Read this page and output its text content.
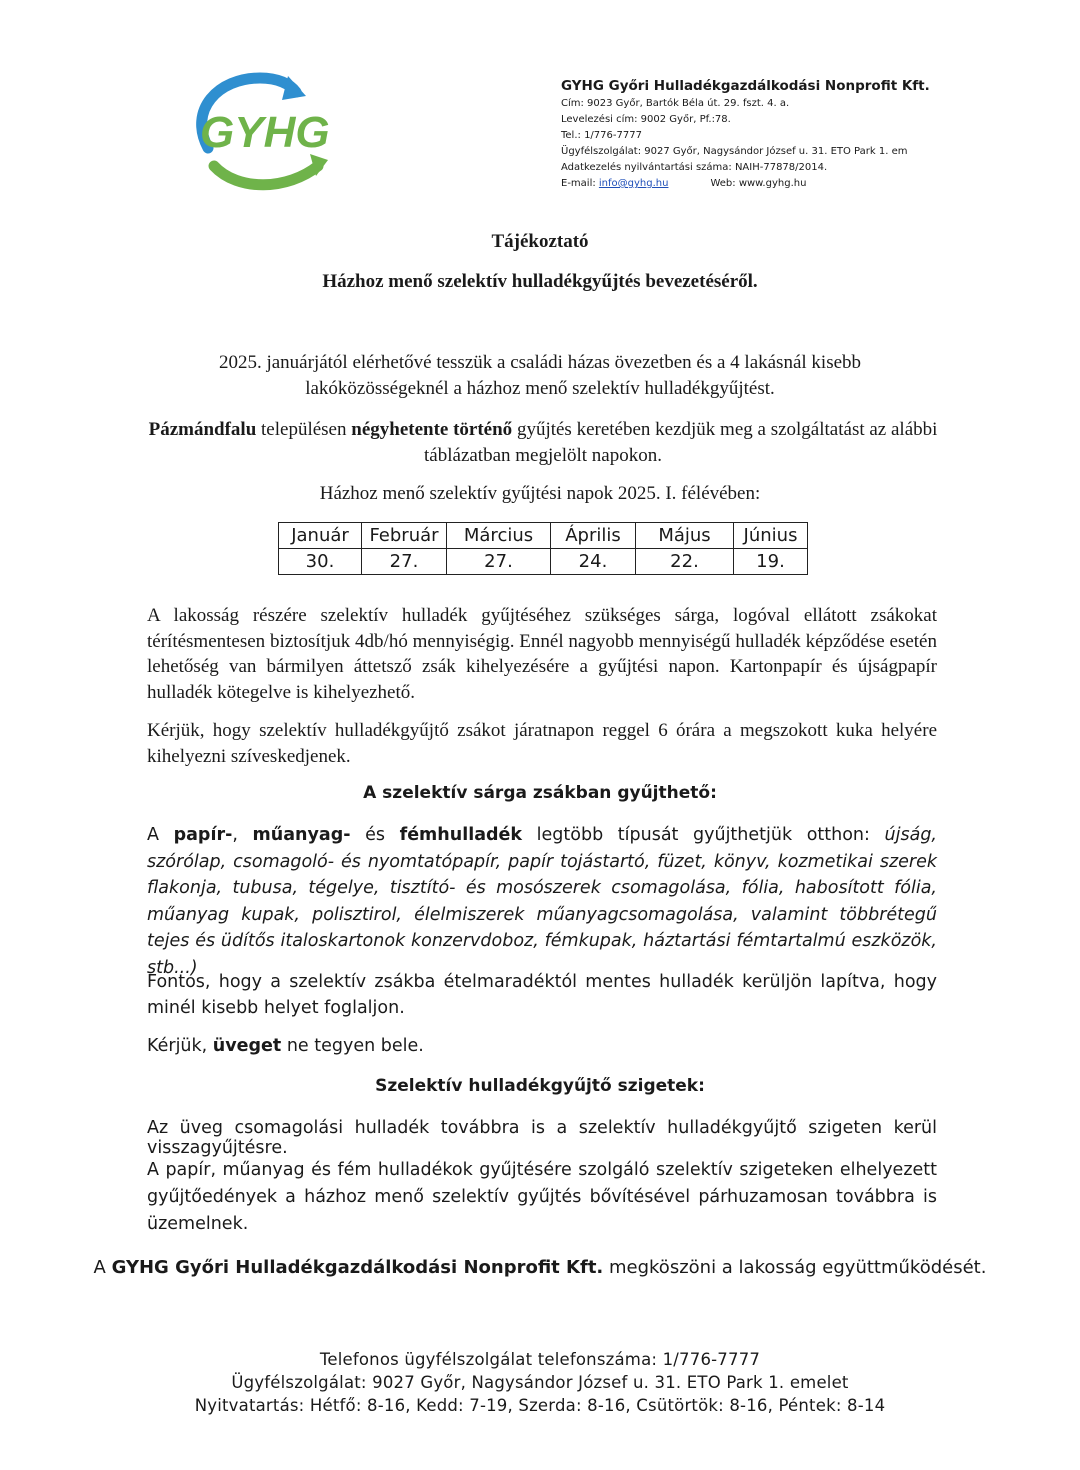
GYHG
GYHG Győri Hulladékgazdálkodási Nonprofit Kft.
Cím: 9023 Győr, Bartók Béla út. 29. fszt. 4. a.
Levelezési cím: 9002 Győr, Pf.:78.
Tel.: 1/776-7777
Ügyfélszolgálat: 9027 Győr, Nagysándor József u. 31. ETO Park 1. em
Adatkezelés nyilvántartási száma: NAIH-77878/2014.
E-mail: info@gyhg.hu	Web: www.gyhg.hu
Tájékoztató
Házhoz menő szelektív hulladékgyűjtés bevezetéséről.
2025. januárjától elérhetővé tesszük a családi házas övezetben és a 4 lakásnál kisebb
lakóközösségeknél a házhoz menő szelektív hulladékgyűjtést.
Pázmándfalu településen négyhetente történő gyűjtés keretében kezdjük meg a szolgáltatást az alábbi táblázatban megjelölt napokon.
Házhoz menő szelektív gyűjtési napok 2025. I. félévében:
Január	Február	Március	Április	Május	Június
30.	27.	27.	24.	22.	19.
A lakosság részére szelektív hulladék gyűjtéséhez szükséges sárga, logóval ellátott zsákokat térítésmentesen biztosítjuk 4db/hó mennyiségig. Ennél nagyobb mennyiségű hulladék képződése esetén lehetőség van bármilyen áttetsző zsák kihelyezésére a gyűjtési napon. Kartonpapír és újságpapír hulladék kötegelve is kihelyezhető.
Kérjük, hogy szelektív hulladékgyűjtő zsákot járatnapon reggel 6 órára a megszokott kuka helyére kihelyezni szíveskedjenek.
A szelektív sárga zsákban gyűjthető:
A papír-, műanyag- és fémhulladék legtöbb típusát gyűjthetjük otthon: újság, szórólap, csomagoló- és nyomtatópapír, papír tojástartó, füzet, könyv, kozmetikai szerek flakonja, tubusa, tégelye, tisztító- és mosószerek csomagolása, fólia, habosított fólia, műanyag kupak, polisztirol, élelmiszerek műanyagcsomagolása, valamint többrétegű tejes és üdítős italoskartonok konzervdoboz, fémkupak, háztartási fémtartalmú eszközök, stb...)
Fontos, hogy a szelektív zsákba ételmaradéktól mentes hulladék kerüljön lapítva, hogy minél kisebb helyet foglaljon.
Kérjük, üveget ne tegyen bele.
Szelektív hulladékgyűjtő szigetek:
Az üveg csomagolási hulladék továbbra is a szelektív hulladékgyűjtő szigeten kerül visszagyűjtésre.
A papír, műanyag és fém hulladékok gyűjtésére szolgáló szelektív szigeteken elhelyezett gyűjtőedények a házhoz menő szelektív gyűjtés bővítésével párhuzamosan továbbra is üzemelnek.
A GYHG Győri Hulladékgazdálkodási Nonprofit Kft. megköszöni a lakosság együttműködését.
Telefonos ügyfélszolgálat telefonszáma: 1/776-7777
Ügyfélszolgálat: 9027 Győr, Nagysándor József u. 31. ETO Park 1. emelet
Nyitvatartás: Hétfő: 8-16, Kedd: 7-19, Szerda: 8-16, Csütörtök: 8-16, Péntek: 8-14
